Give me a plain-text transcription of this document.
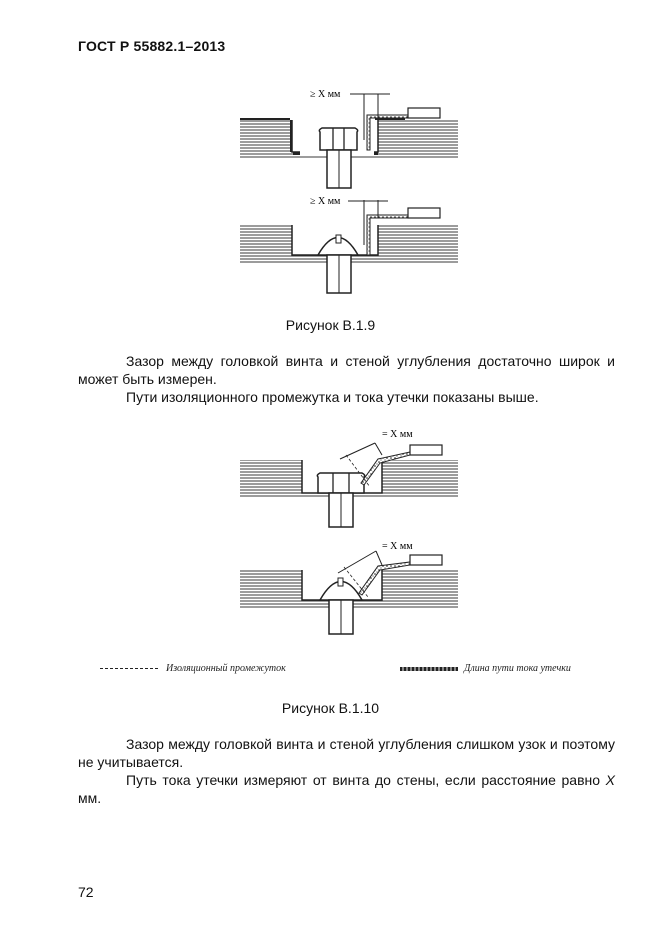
ГОСТ Р 55882.1–2013
≥ X мм
≥ X мм
Рисунок В.1.9
Зазор между головкой винта и стеной углубления достаточно широк и может быть измерен.
Пути изоляционного промежутка и тока утечки показаны выше.
= X мм
= X мм
Изоляционный промежуток	Длина пути тока утечки
Рисунок В.1.10
Зазор между головкой винта и стеной углубления слишком узок и поэтому не учитывается.
Путь тока утечки измеряют от винта до стены, если расстояние равно X мм.
72
